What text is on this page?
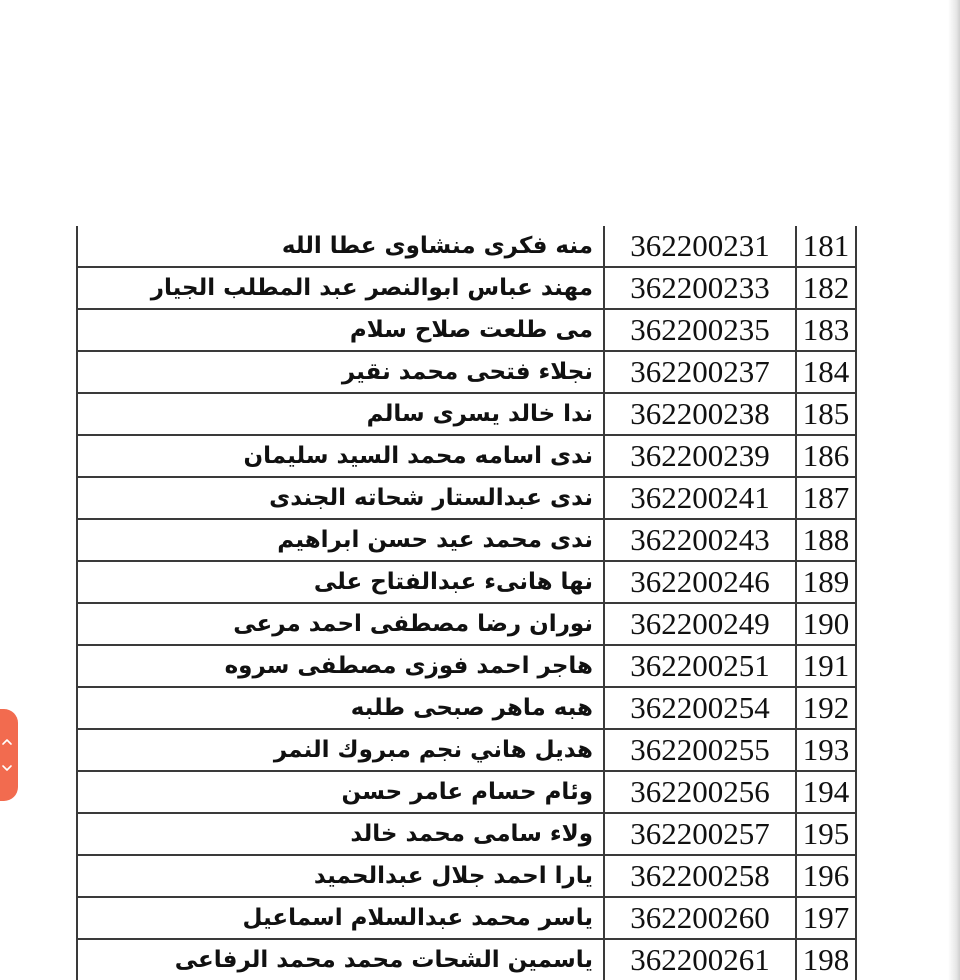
181	362200231	منه فكرى منشاوى عطا الله
182	362200233	مهند عباس ابوالنصر عبد المطلب الجيار
183	362200235	مى طلعت صلاح سلام
184	362200237	نجلاء فتحى محمد نقير
185	362200238	ندا خالد يسرى سالم
186	362200239	ندى اسامه محمد السيد سليمان
187	362200241	ندى عبدالستار شحاته الجندى
188	362200243	ندى محمد عيد حسن ابراهيم
189	362200246	نها هانىء عبدالفتاح على
190	362200249	نوران رضا مصطفى احمد مرعى
191	362200251	هاجر احمد فوزى مصطفى سروه
192	362200254	هبه ماهر صبحى طلبه
193	362200255	هديل هاني نجم مبروك النمر
194	362200256	وئام حسام عامر حسن
195	362200257	ولاء سامى محمد خالد
196	362200258	يارا احمد جلال عبدالحميد
197	362200260	ياسر محمد عبدالسلام اسماعيل
198	362200261	ياسمين الشحات محمد محمد الرفاعى
